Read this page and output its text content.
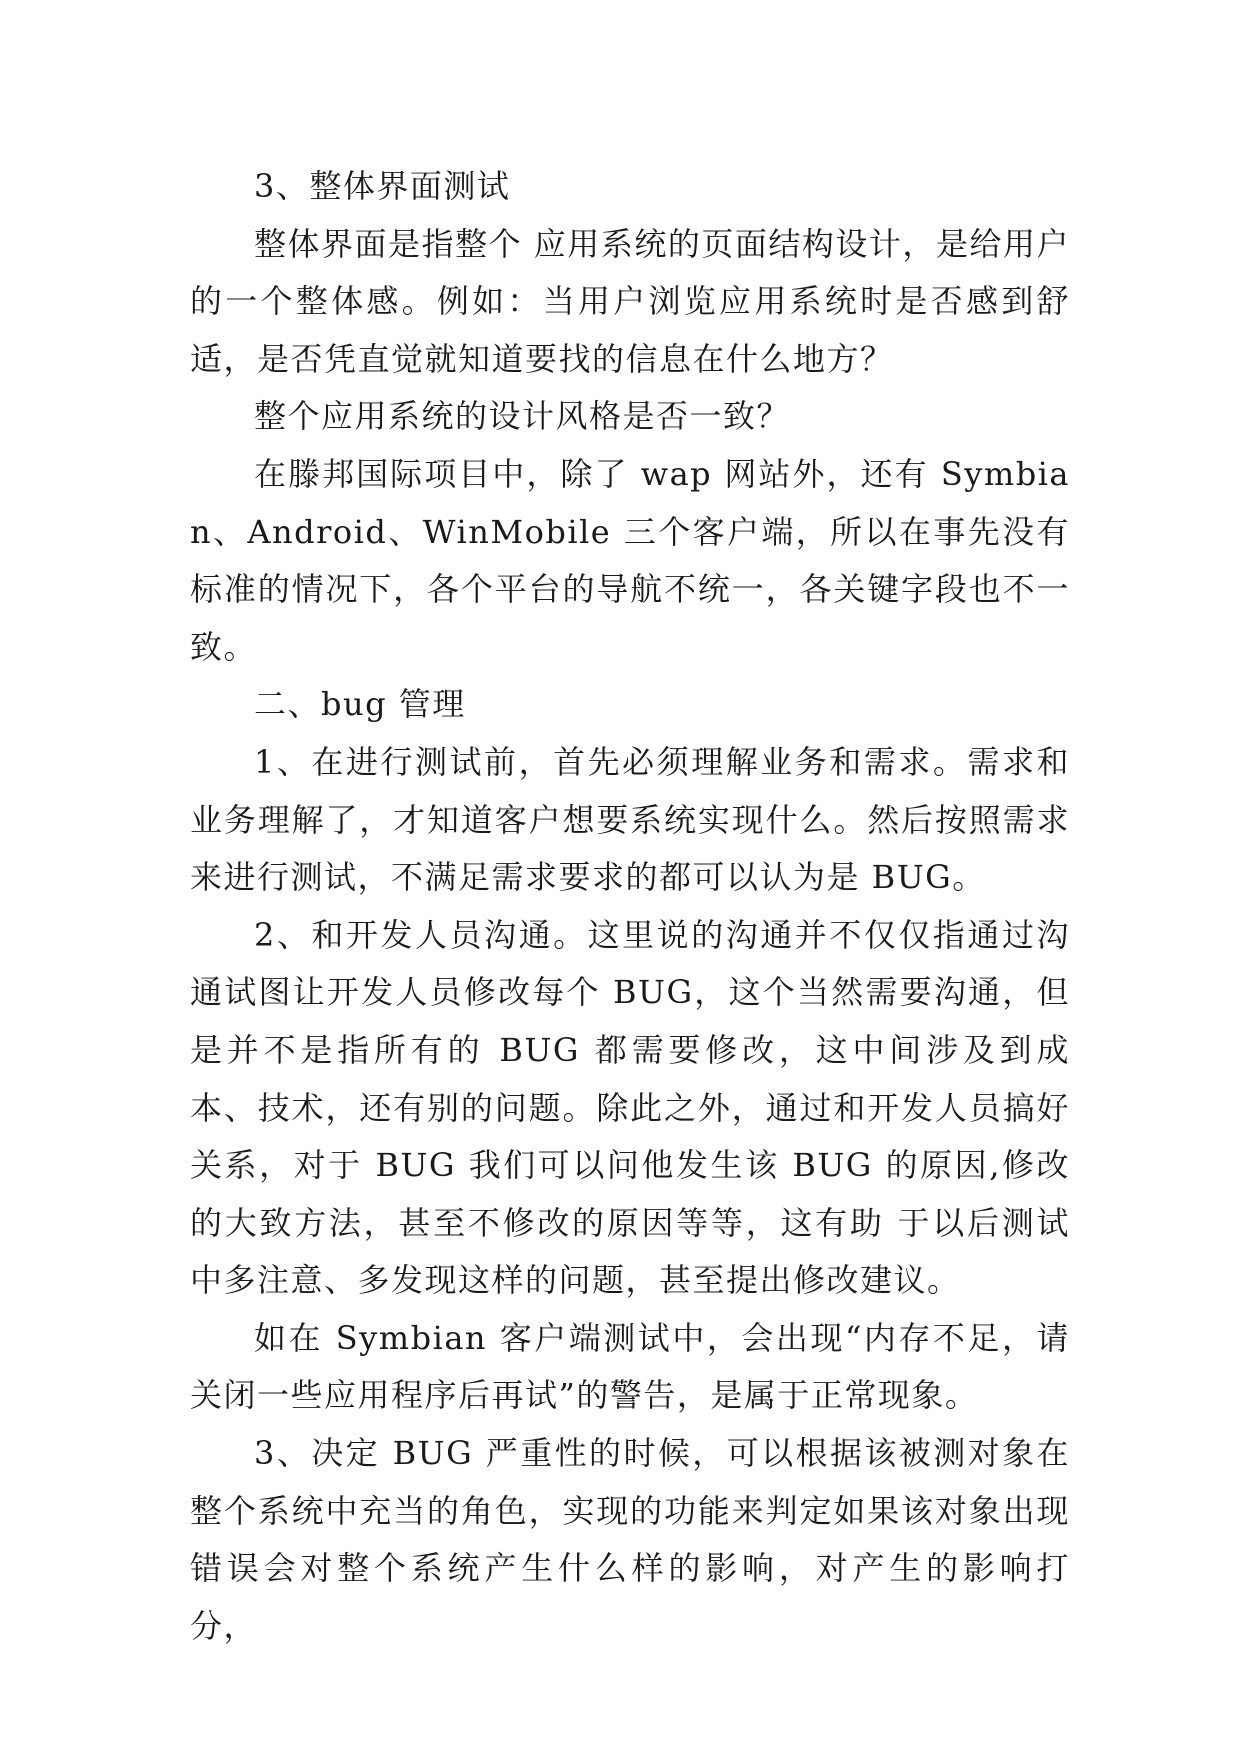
3、整体界面测试

整体界面是指整个 应用系统的页面结构设计，是给用户的一个整体感。例如：当用户浏览应用系统时是否感到舒适，是否凭直觉就知道要找的信息在什么地方？

整个应用系统的设计风格是否一致？

在滕邦国际项目中，除了 wap 网站外，还有 Symbian、Android、WinMobile 三个客户端，所以在事先没有标准的情况下，各个平台的导航不统一，各关键字段也不一致。

二、bug 管理

1、在进行测试前，首先必须理解业务和需求。需求和业务理解了，才知道客户想要系统实现什么。然后按照需求来进行测试，不满足需求要求的都可以认为是 BUG。

2、和开发人员沟通。这里说的沟通并不仅仅指通过沟通试图让开发人员修改每个 BUG，这个当然需要沟通，但是并不是指所有的 BUG 都需要修改，这中间涉及到成 本、技术，还有别的问题。除此之外，通过和开发人员搞好关系，对于 BUG 我们可以问他发生该 BUG 的原因,修改的大致方法，甚至不修改的原因等等，这有助 于以后测试中多注意、多发现这样的问题，甚至提出修改建议。

如在 Symbian 客户端测试中，会出现“内存不足，请关闭一些应用程序后再试”的警告，是属于正常现象。

3、决定 BUG 严重性的时候，可以根据该被测对象在整个系统中充当的角色，实现的功能来判定如果该对象出现错误会对整个系统产生什么样的影响，对产生的影响打 分，
